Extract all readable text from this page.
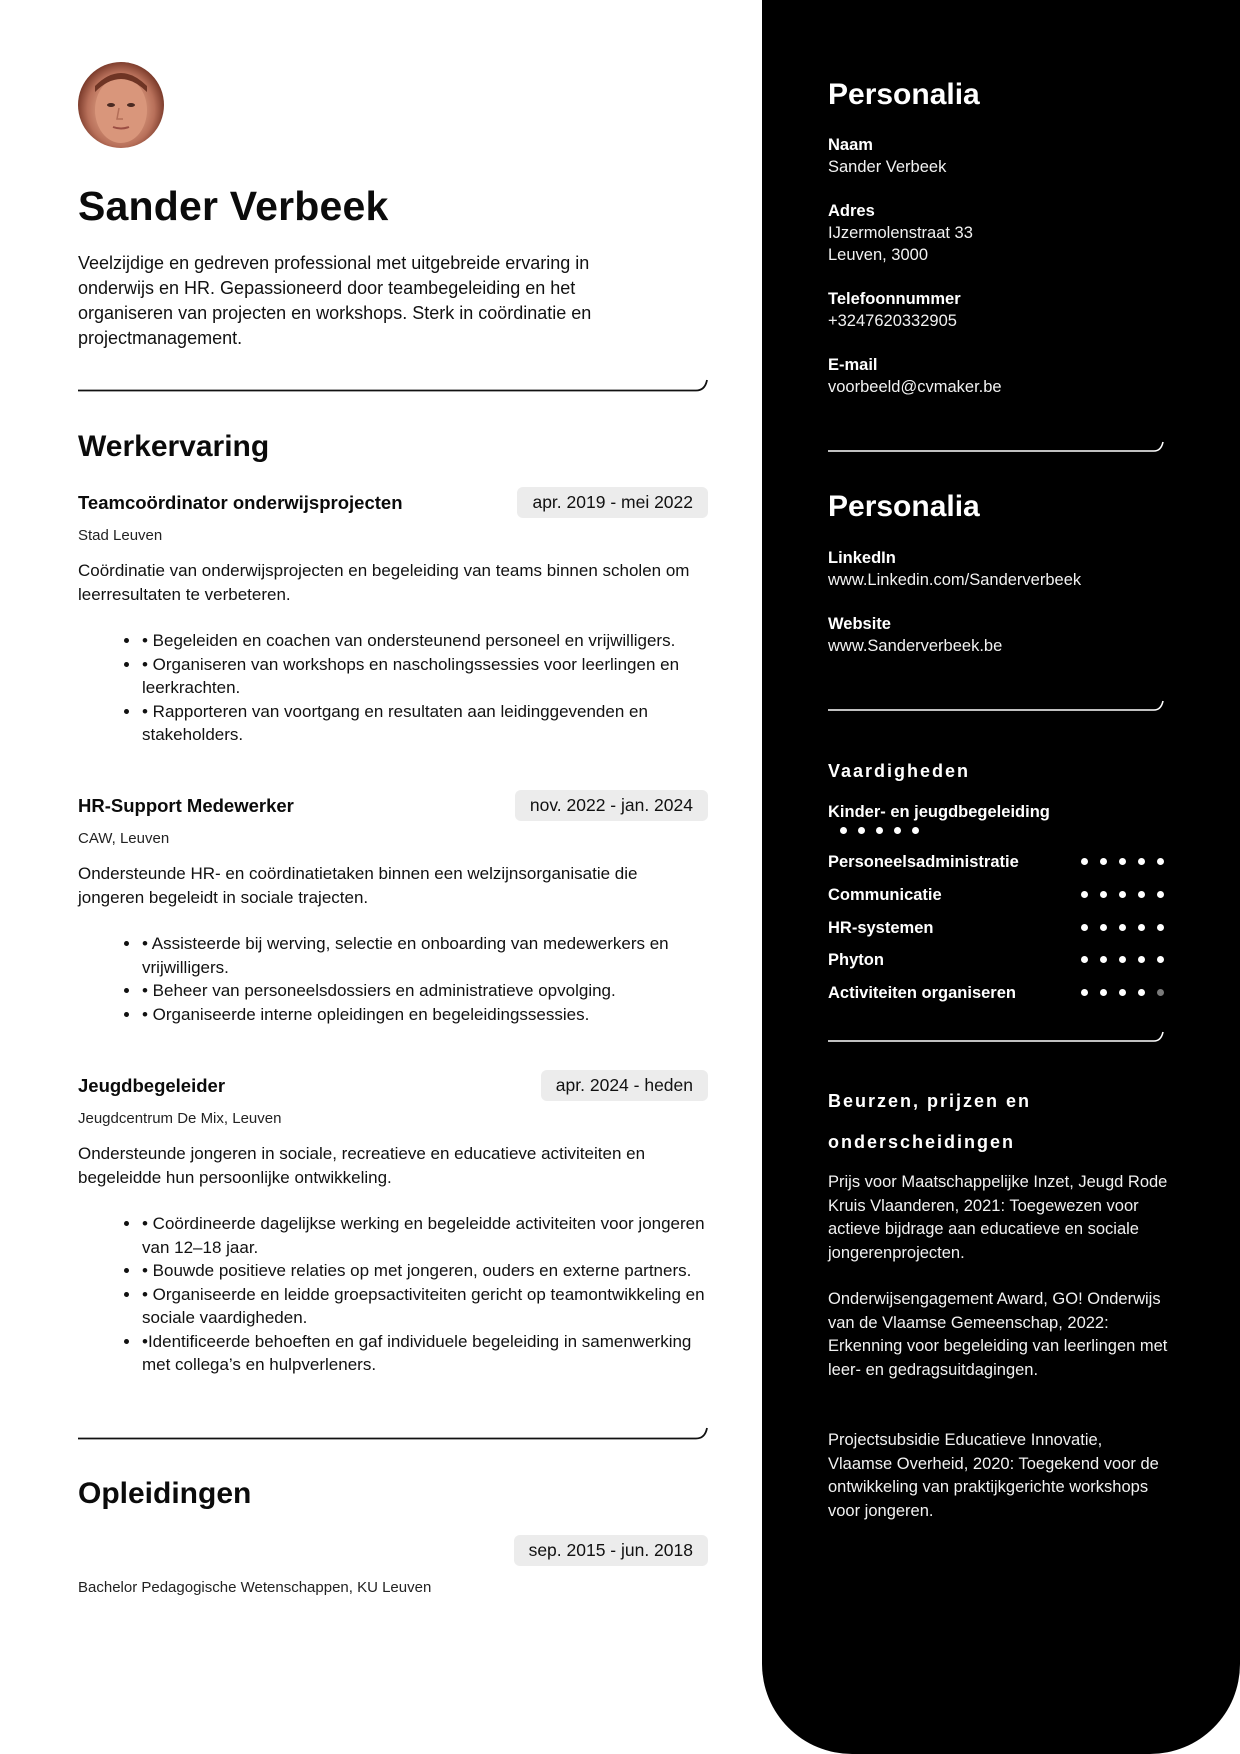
Sander Verbeek
Veelzijdige en gedreven professional met uitgebreide ervaring in onderwijs en HR. Gepassioneerd door teambegeleiding en het organiseren van projecten en workshops. Sterk in coördinatie en projectmanagement.
Werkervaring
Teamcoördinator onderwijsprojecten	apr. 2019 - mei 2022
Stad Leuven
Coördinatie van onderwijsprojecten en begeleiding van teams binnen scholen om leerresultaten te verbeteren.
• • Begeleiden en coachen van ondersteunend personeel en vrijwilligers.
• • Organiseren van workshops en nascholingssessies voor leerlingen en leerkrachten.
• • Rapporteren van voortgang en resultaten aan leidinggevenden en stakeholders.
HR-Support Medewerker	nov. 2022 - jan. 2024
CAW, Leuven
Ondersteunde HR- en coördinatietaken binnen een welzijnsorganisatie die jongeren begeleidt in sociale trajecten.
• • Assisteerde bij werving, selectie en onboarding van medewerkers en vrijwilligers.
• • Beheer van personeelsdossiers en administratieve opvolging.
• • Organiseerde interne opleidingen en begeleidingssessies.
Jeugdbegeleider	apr. 2024 - heden
Jeugdcentrum De Mix, Leuven
Ondersteunde jongeren in sociale, recreatieve en educatieve activiteiten en begeleidde hun persoonlijke ontwikkeling.
• • Coördineerde dagelijkse werking en begeleidde activiteiten voor jongeren van 12–18 jaar.
• • Bouwde positieve relaties op met jongeren, ouders en externe partners.
• • Organiseerde en leidde groepsactiviteiten gericht op teamontwikkeling en sociale vaardigheden.
• •Identificeerde behoeften en gaf individuele begeleiding in samenwerking met collega’s en hulpverleners.
Opleidingen
sep. 2015 - jun. 2018
Bachelor Pedagogische Wetenschappen, KU Leuven
Personalia
Naam
Sander Verbeek
Adres
IJzermolenstraat 33
Leuven, 3000
Telefoonnummer
+3247620332905
E-mail
voorbeeld@cvmaker.be
Personalia
LinkedIn
www.Linkedin.com/Sanderverbeek
Website
www.Sanderverbeek.be
Vaardigheden
Kinder- en jeugdbegeleiding
Personeelsadministratie
Communicatie
HR-systemen
Phyton
Activiteiten organiseren
Beurzen, prijzen en
onderscheidingen
Prijs voor Maatschappelijke Inzet, Jeugd Rode Kruis Vlaanderen, 2021: Toegewezen voor actieve bijdrage aan educatieve en sociale jongerenprojecten.
Onderwijsengagement Award, GO! Onderwijs van de Vlaamse Gemeenschap, 2022: Erkenning voor begeleiding van leerlingen met leer- en gedragsuitdagingen.
Projectsubsidie Educatieve Innovatie, Vlaamse Overheid, 2020: Toegekend voor de ontwikkeling van praktijkgerichte workshops voor jongeren.
